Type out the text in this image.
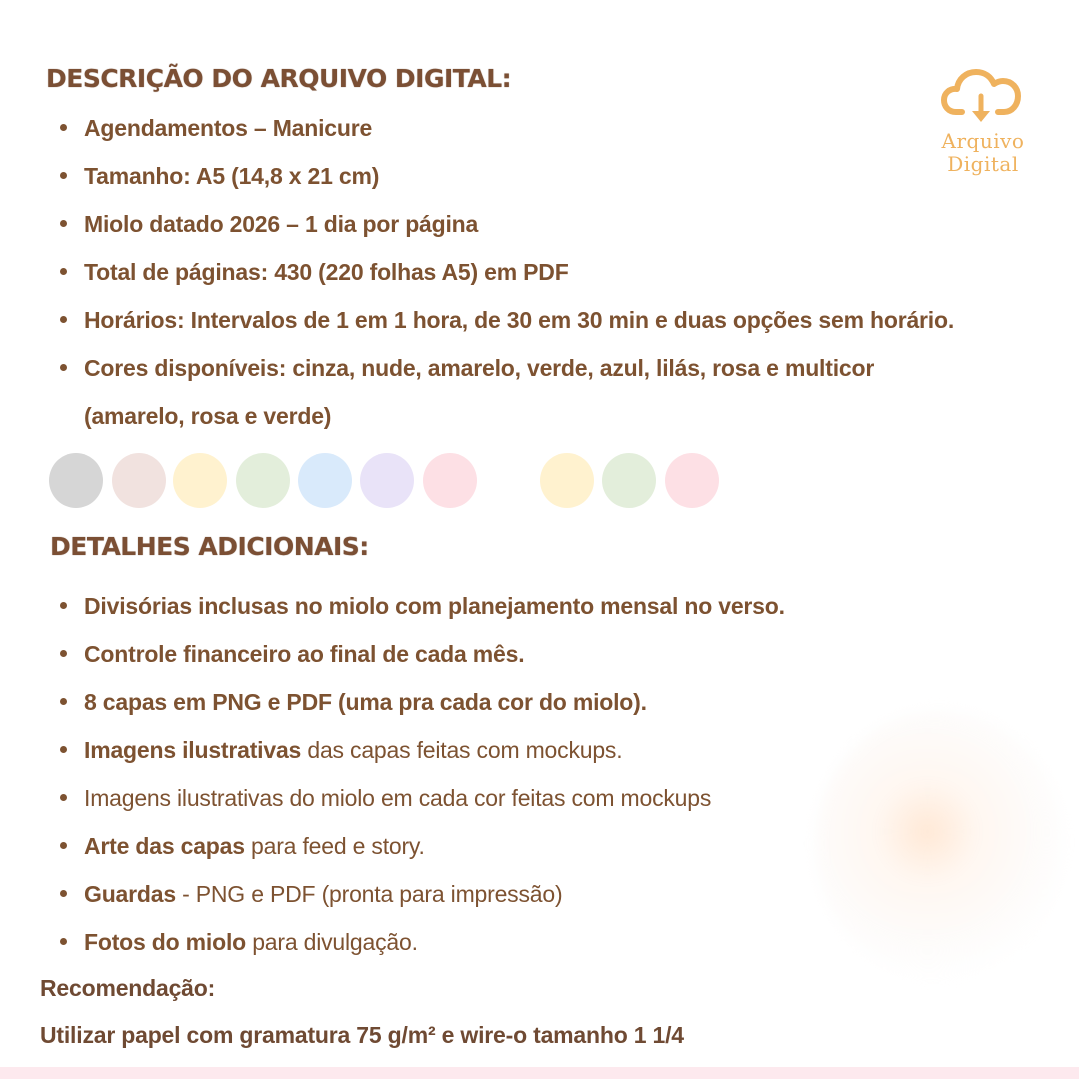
DESCRIÇÃO DO ARQUIVO DIGITAL:
Agendamentos – Manicure
Tamanho: A5 (14,8 x 21 cm)
Miolo datado 2026 – 1 dia por página
Total de páginas: 430 (220 folhas A5) em PDF
Horários: Intervalos de 1 em 1 hora, de 30 em 30 min e duas opções sem horário.
Cores disponíveis: cinza, nude, amarelo, verde, azul, lilás, rosa e multicor
(amarelo, rosa e verde)
Arquivo
Digital
DETALHES ADICIONAIS:
Divisórias inclusas no miolo com planejamento mensal no verso.
Controle financeiro ao final de cada mês.
8 capas em PNG e PDF (uma pra cada cor do miolo).
Imagens ilustrativas das capas feitas com mockups.
Imagens ilustrativas do miolo em cada cor feitas com mockups
Arte das capas para feed e story.
Guardas - PNG e PDF (pronta para impressão)
Fotos do miolo para divulgação.

Recomendação:

Utilizar papel com gramatura 75 g/m² e wire-o tamanho 1 1/4
